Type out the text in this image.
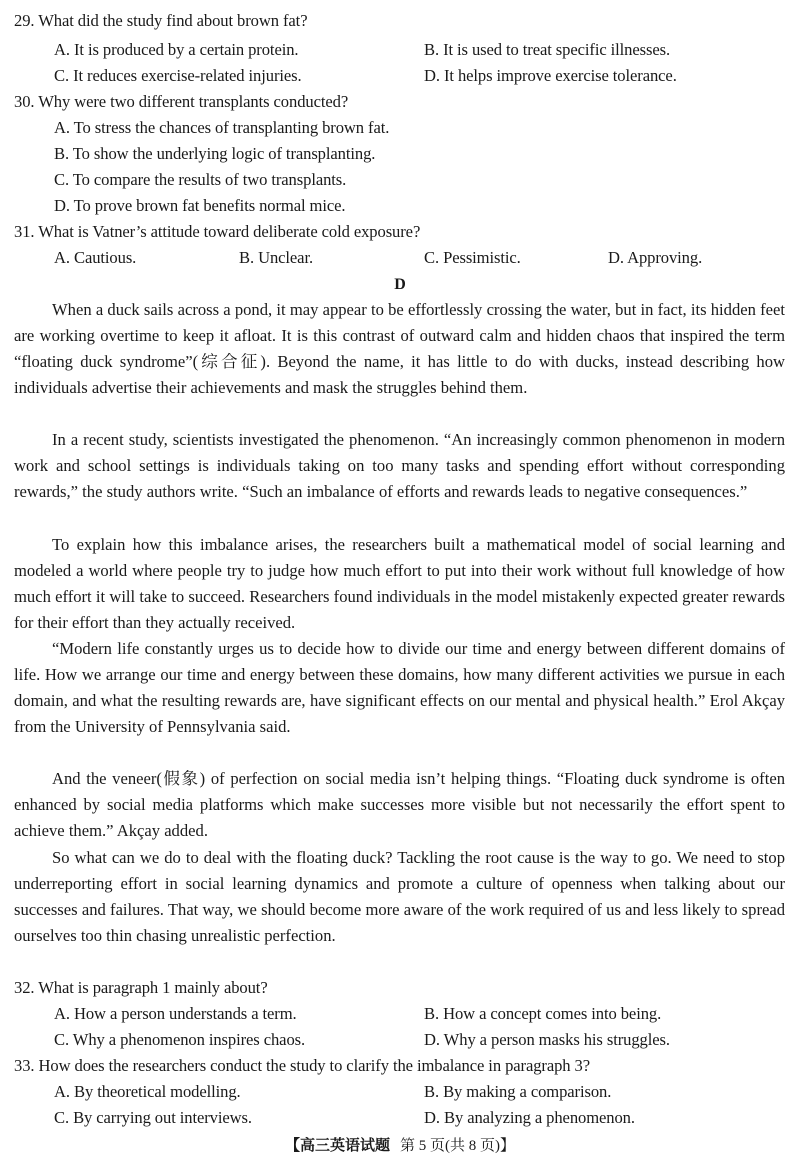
29. What did the study find about brown fat?
A. It is produced by a certain protein.	B. It is used to treat specific illnesses.
C. It reduces exercise-related injuries.	D. It helps improve exercise tolerance.
30. Why were two different transplants conducted?
A. To stress the chances of transplanting brown fat.
B. To show the underlying logic of transplanting.
C. To compare the results of two transplants.
D. To prove brown fat benefits normal mice.
31. What is Vatner’s attitude toward deliberate cold exposure?
A. Cautious.	B. Unclear.	C. Pessimistic.	D. Approving.
D

When a duck sails across a pond, it may appear to be effortlessly crossing the water, but in fact, its hidden feet are working overtime to keep it afloat. It is this contrast of outward calm and hidden chaos that inspired the term “floating duck syndrome”(综合征). Beyond the name, it has little to do with ducks, instead describing how individuals advertise their achievements and mask the struggles behind them.

In a recent study, scientists investigated the phenomenon. “An increasingly common phenomenon in modern work and school settings is individuals taking on too many tasks and spending effort without corresponding rewards,” the study authors write. “Such an imbalance of efforts and rewards leads to negative consequences.”

To explain how this imbalance arises, the researchers built a mathematical model of social learning and modeled a world where people try to judge how much effort to put into their work without full knowledge of how much effort it will take to succeed. Researchers found individuals in the model mistakenly expected greater rewards for their effort than they actually received.

“Modern life constantly urges us to decide how to divide our time and energy between different domains of life. How we arrange our time and energy between these domains, how many different activities we pursue in each domain, and what the resulting rewards are, have significant effects on our mental and physical health.” Erol Akçay from the University of Pennsylvania said.

And the veneer(假象) of perfection on social media isn’t helping things. “Floating duck syndrome is often enhanced by social media platforms which make successes more visible but not necessarily the effort spent to achieve them.” Akçay added.

So what can we do to deal with the floating duck? Tackling the root cause is the way to go. We need to stop underreporting effort in social learning dynamics and promote a culture of openness when talking about our successes and failures. That way, we should become more aware of the work required of us and less likely to spread ourselves too thin chasing unrealistic perfection.

32. What is paragraph 1 mainly about?
A. How a person understands a term.	B. How a concept comes into being.
C. Why a phenomenon inspires chaos.	D. Why a person masks his struggles.
33. How does the researchers conduct the study to clarify the imbalance in paragraph 3?
A. By theoretical modelling.	B. By making a comparison.
C. By carrying out interviews.	D. By analyzing a phenomenon.
【高三英语试题 第 5 页(共 8 页)】
